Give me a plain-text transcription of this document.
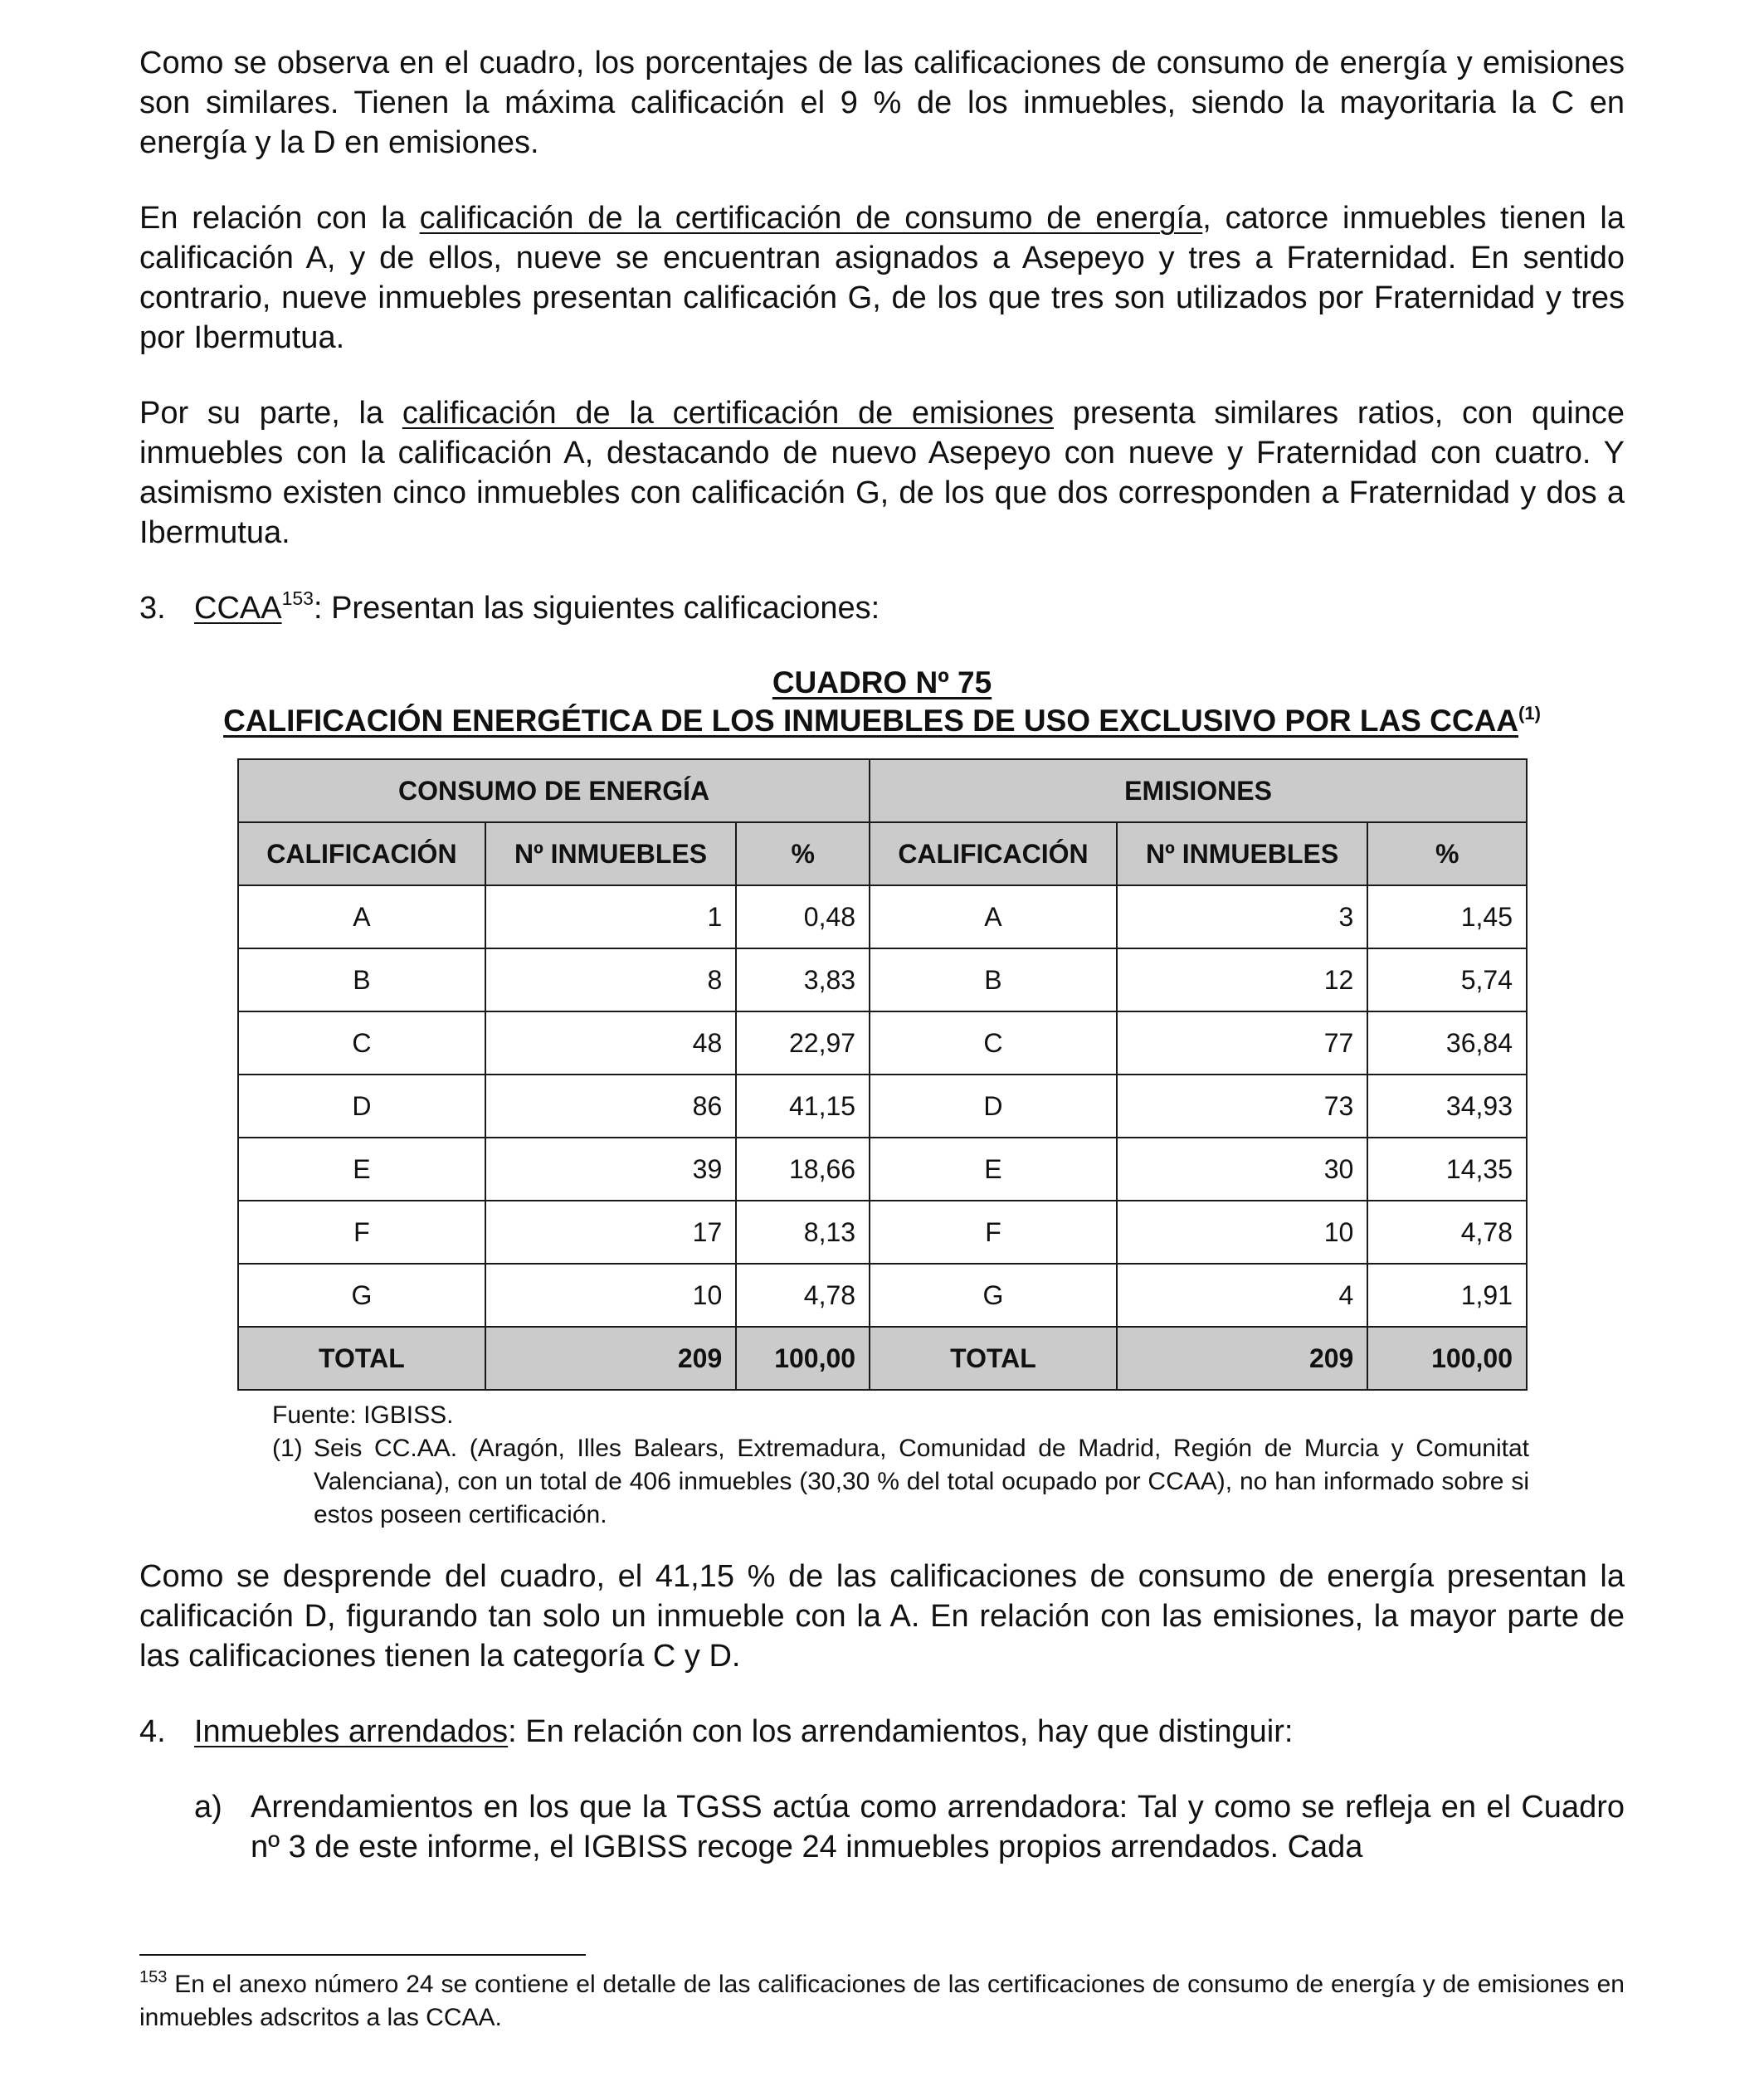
Como se observa en el cuadro, los porcentajes de las calificaciones de consumo de energía y emisiones son similares. Tienen la máxima calificación el 9 % de los inmuebles, siendo la mayoritaria la C en energía y la D en emisiones.

En relación con la calificación de la certificación de consumo de energía, catorce inmuebles tienen la calificación A, y de ellos, nueve se encuentran asignados a Asepeyo y tres a Fraternidad. En sentido contrario, nueve inmuebles presentan calificación G, de los que tres son utilizados por Fraternidad y tres por Ibermutua.

Por su parte, la calificación de la certificación de emisiones presenta similares ratios, con quince inmuebles con la calificación A, destacando de nuevo Asepeyo con nueve y Fraternidad con cuatro. Y asimismo existen cinco inmuebles con calificación G, de los que dos corresponden a Fraternidad y dos a Ibermutua.

3. CCAA$^{153}$: Presentan las siguientes calificaciones:

CUADRO Nº 75
CALIFICACIÓN ENERGÉTICA DE LOS INMUEBLES DE USO EXCLUSIVO POR LAS CCAA$^{(1)}$
CONSUMO DE ENERGÍA			EMISIONES		
CALIFICACIÓN	Nº INMUEBLES	%	CALIFICACIÓN	Nº INMUEBLES	%
A	1	0,48	A	3	1,45
B	8	3,83	B	12	5,74
C	48	22,97	C	77	36,84
D	86	41,15	D	73	34,93
E	39	18,66	E	30	14,35
F	17	8,13	F	10	4,78
G	10	4,78	G	4	1,91
TOTAL	209	100,00	TOTAL	209	100,00
Fuente: IGBISS.
(1) Seis CC.AA. (Aragón, Illes Balears, Extremadura, Comunidad de Madrid, Región de Murcia y Comunitat Valenciana), con un total de 406 inmuebles (30,30 % del total ocupado por CCAA), no han informado sobre si estos poseen certificación.

Como se desprende del cuadro, el 41,15 % de las calificaciones de consumo de energía presentan la calificación D, figurando tan solo un inmueble con la A. En relación con las emisiones, la mayor parte de las calificaciones tienen la categoría C y D.

4. Inmuebles arrendados: En relación con los arrendamientos, hay que distinguir:

a) Arrendamientos en los que la TGSS actúa como arrendadora: Tal y como se refleja en el Cuadro nº 3 de este informe, el IGBISS recoge 24 inmuebles propios arrendados. Cada

$^{153}$ En el anexo número 24 se contiene el detalle de las calificaciones de las certificaciones de consumo de energía y de emisiones en inmuebles adscritos a las CCAA.
